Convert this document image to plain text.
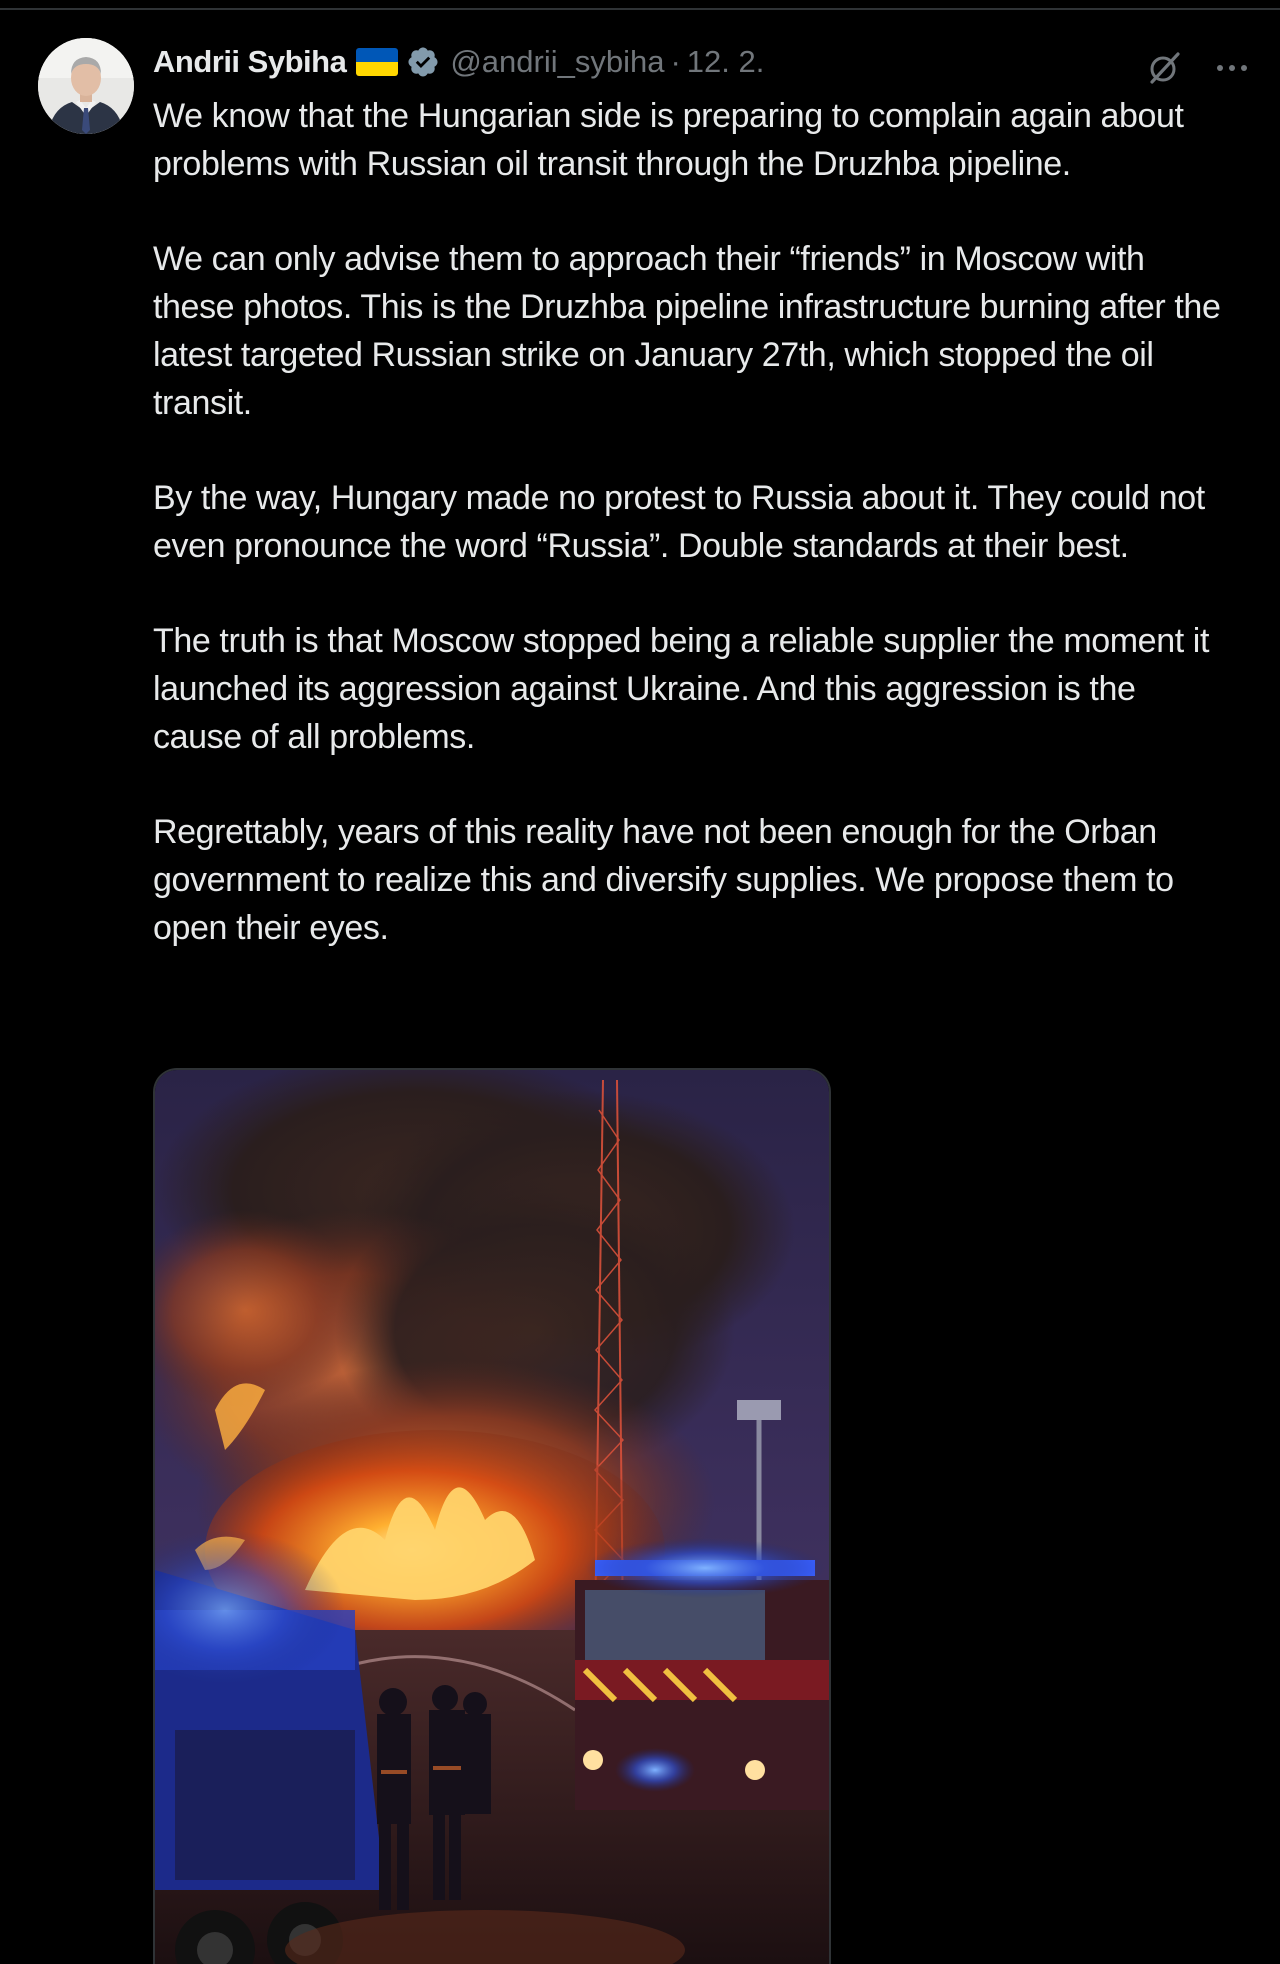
Andrii Sybiha	@andrii_sybiha · 12. 2.

We know that the Hungarian side is preparing to complain again about problems with Russian oil transit through the Druzhba pipeline.

We can only advise them to approach their “friends” in Moscow with these photos. This is the Druzhba pipeline infrastructure burning after the latest targeted Russian strike on January 27th, which stopped the oil transit.

By the way, Hungary made no protest to Russia about it. They could not even pronounce the word “Russia”. Double standards at their best.

The truth is that Moscow stopped being a reliable supplier the moment it launched its aggression against Ukraine. And this aggression is the cause of all problems.

Regrettably, years of this reality have not been enough for the Orban government to realize this and diversify supplies. We propose them to open their eyes.
